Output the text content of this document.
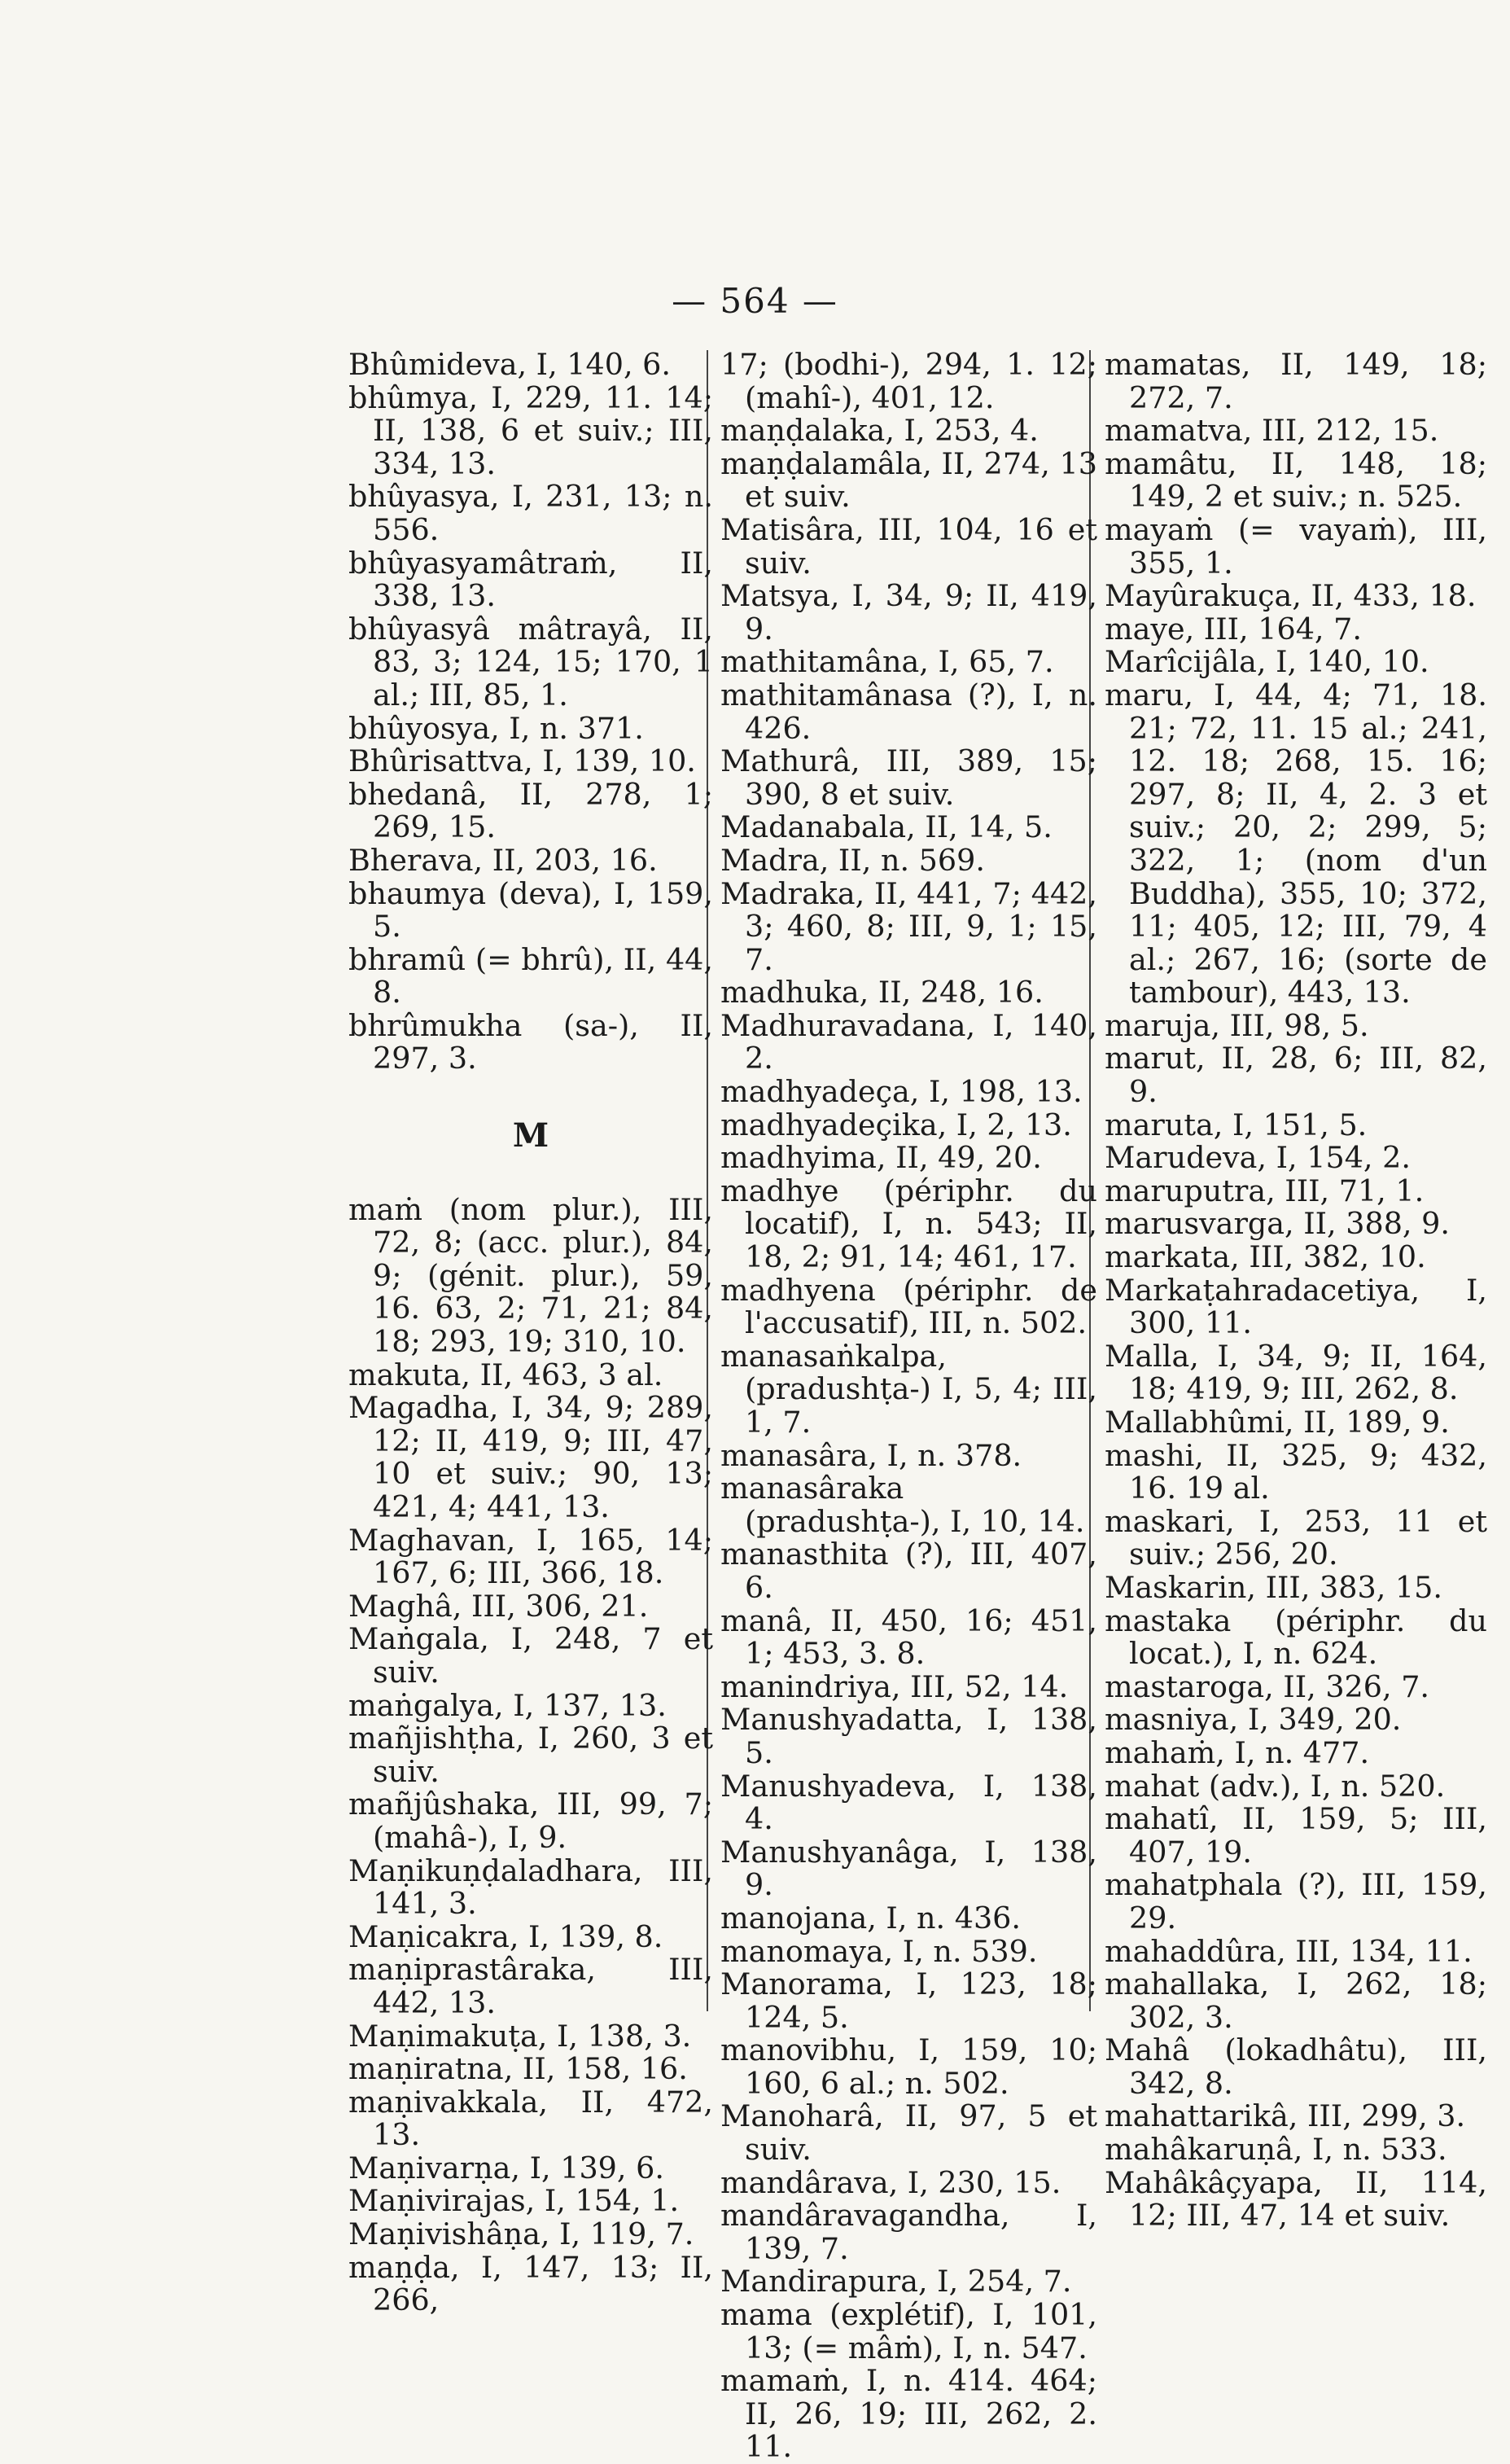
— 564 —
Bhûmideva, I, 140, 6.
bhûmya, I, 229, 11. 14; II, 138, 6 et suiv.; III, 334, 13.
bhûyasya, I, 231, 13; n. 556.
bhûyasyamâtraṁ, II, 338, 13.
bhûyasyâ mâtrayâ, II, 83, 3; 124, 15; 170, 1 al.; III, 85, 1.
bhûyosya, I, n. 371.
Bhûrisattva, I, 139, 10.
bhedanâ, II, 278, 1; 269, 15.
Bherava, II, 203, 16.
bhaumya (deva), I, 159, 5.
bhramû (= bhrû), II, 44, 8.
bhrûmukha (sa-), II, 297, 3.
M
maṁ (nom plur.), III, 72, 8; (acc. plur.), 84, 9; (génit. plur.), 59, 16. 63, 2; 71, 21; 84, 18; 293, 19; 310, 10.
makuta, II, 463, 3 al.
Magadha, I, 34, 9; 289, 12; II, 419, 9; III, 47, 10 et suiv.; 90, 13; 421, 4; 441, 13.
Maghavan, I, 165, 14; 167, 6; III, 366, 18.
Maghâ, III, 306, 21.
Maṅgala, I, 248, 7 et suiv.
maṅgalya, I, 137, 13.
mañjishṭha, I, 260, 3 et suiv.
mañjûshaka, III, 99, 7; (mahâ-), I, 9.
Maṇikuṇḍaladhara, III, 141, 3.
Maṇicakra, I, 139, 8.
maṇiprastâraka, III, 442, 13.
Maṇimakuṭa, I, 138, 3.
maṇiratna, II, 158, 16.
maṇivakkala, II, 472, 13.
Maṇivarṇa, I, 139, 6.
Maṇivirajas, I, 154, 1.
Maṇivishâṇa, I, 119, 7.
maṇḍa, I, 147, 13; II, 266,
17; (bodhi-), 294, 1. 12; (mahî-), 401, 12.
maṇḍalaka, I, 253, 4.
maṇḍalamâla, II, 274, 13 et suiv.
Matisâra, III, 104, 16 et suiv.
Matsya, I, 34, 9; II, 419, 9.
mathitamâna, I, 65, 7.
mathitamânasa (?), I, n. 426.
Mathurâ, III, 389, 15; 390, 8 et suiv.
Madanabala, II, 14, 5.
Madra, II, n. 569.
Madraka, II, 441, 7; 442, 3; 460, 8; III, 9, 1; 15, 7.
madhuka, II, 248, 16.
Madhuravadana, I, 140, 2.
madhyadeça, I, 198, 13.
madhyadeçika, I, 2, 13.
madhyima, II, 49, 20.
madhye (périphr. du locatif), I, n. 543; II, 18, 2; 91, 14; 461, 17.
madhyena (périphr. de l'accusatif), III, n. 502.
manasaṅkalpa, (pradushṭa-) I, 5, 4; III, 1, 7.
manasâra, I, n. 378.
manasâraka (pradushṭa-), I, 10, 14.
manasthita (?), III, 407, 6.
manâ, II, 450, 16; 451, 1; 453, 3. 8.
manindriya, III, 52, 14.
Manushyadatta, I, 138, 5.
Manushyadeva, I, 138, 4.
Manushyanâga, I, 138, 9.
manojana, I, n. 436.
manomaya, I, n. 539.
Manorama, I, 123, 18; 124, 5.
manovibhu, I, 159, 10; 160, 6 al.; n. 502.
Manoharâ, II, 97, 5 et suiv.
mandârava, I, 230, 15.
mandâravagandha, I, 139, 7.
Mandirapura, I, 254, 7.
mama (explétif), I, 101, 13; (= mâṁ), I, n. 547.
mamaṁ, I, n. 414. 464; II, 26, 19; III, 262, 2. 11.
mamatas, II, 149, 18; 272, 7.
mamatva, III, 212, 15.
mamâtu, II, 148, 18; 149, 2 et suiv.; n. 525.
mayaṁ (= vayaṁ), III, 355, 1.
Mayûrakuça, II, 433, 18.
maye, III, 164, 7.
Marîcijâla, I, 140, 10.
maru, I, 44, 4; 71, 18. 21; 72, 11. 15 al.; 241, 12. 18; 268, 15. 16; 297, 8; II, 4, 2. 3 et suiv.; 20, 2; 299, 5; 322, 1; (nom d'un Buddha), 355, 10; 372, 11; 405, 12; III, 79, 4 al.; 267, 16; (sorte de tambour), 443, 13.
maruja, III, 98, 5.
marut, II, 28, 6; III, 82, 9.
maruta, I, 151, 5.
Marudeva, I, 154, 2.
maruputra, III, 71, 1.
marusvarga, II, 388, 9.
markata, III, 382, 10.
Markaṭahradacetiya, I, 300, 11.
Malla, I, 34, 9; II, 164, 18; 419, 9; III, 262, 8.
Mallabhûmi, II, 189, 9.
mashi, II, 325, 9; 432, 16. 19 al.
maskari, I, 253, 11 et suiv.; 256, 20.
Maskarin, III, 383, 15.
mastaka (périphr. du locat.), I, n. 624.
mastaroga, II, 326, 7.
masniya, I, 349, 20.
mahaṁ, I, n. 477.
mahat (adv.), I, n. 520.
mahatî, II, 159, 5; III, 407, 19.
mahatphala (?), III, 159, 29.
mahaddûra, III, 134, 11.
mahallaka, I, 262, 18; 302, 3.
Mahâ (lokadhâtu), III, 342, 8.
mahattarikâ, III, 299, 3.
mahâkaruṇâ, I, n. 533.
Mahâkâçyapa, II, 114, 12; III, 47, 14 et suiv.
